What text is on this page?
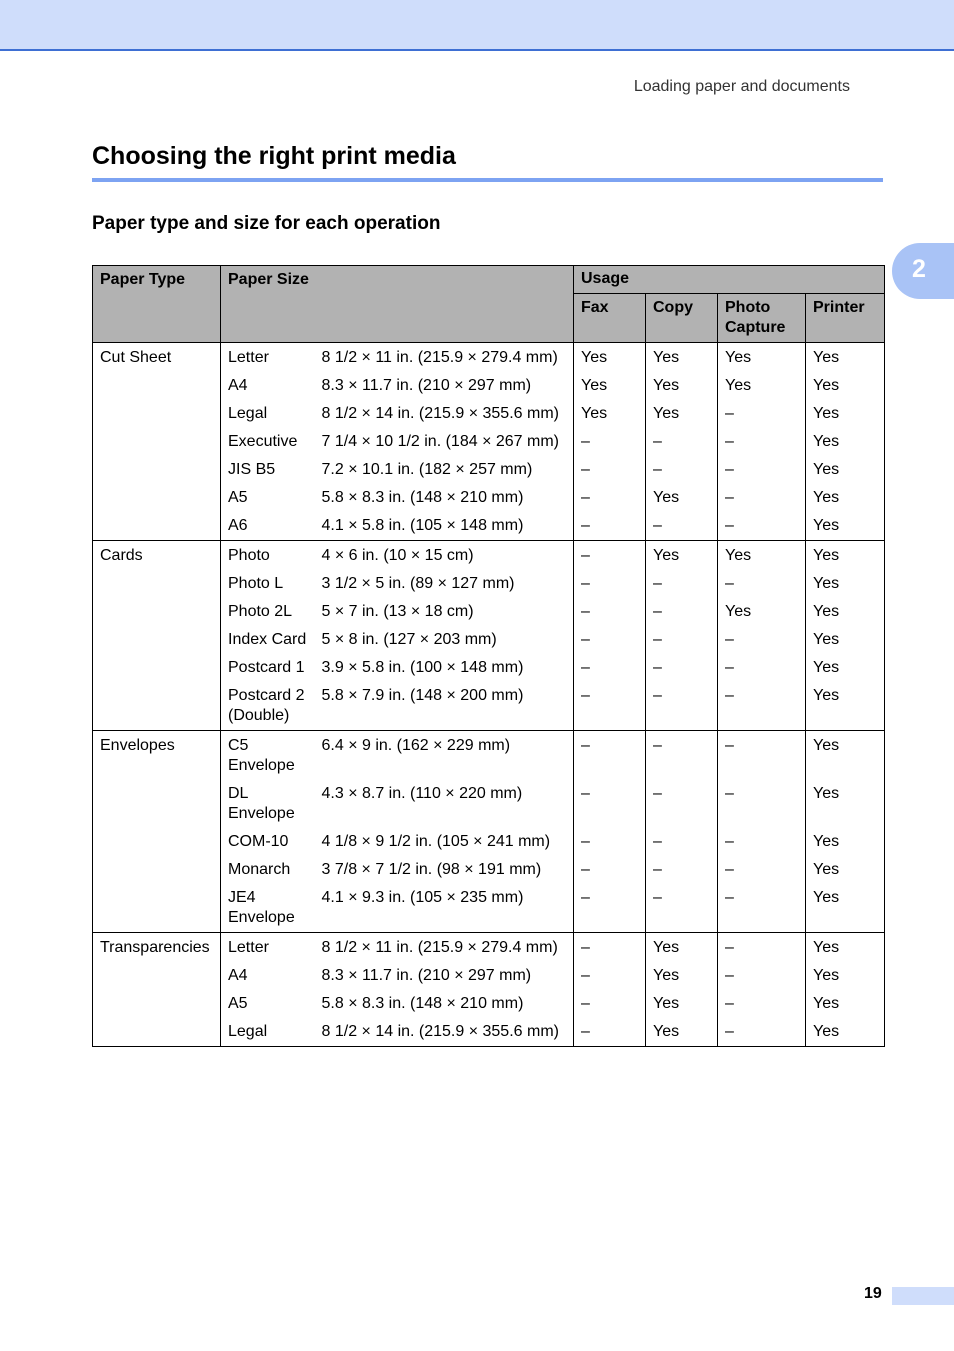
Loading paper and documents
Choosing the right print media
Paper type and size for each operation
2
Paper Type	Paper Size		Usage			
			Fax	Copy	Photo Capture	Printer
Cut Sheet	Letter	8 1/2 × 11 in. (215.9 × 279.4 mm)	Yes	Yes	Yes	Yes
	A4	8.3 × 11.7 in. (210 × 297 mm)	Yes	Yes	Yes	Yes
	Legal	8 1/2 × 14 in. (215.9 × 355.6 mm)	Yes	Yes	–	Yes
	Executive	7 1/4 × 10 1/2 in. (184 × 267 mm)	–	–	–	Yes
	JIS B5	7.2 × 10.1 in. (182 × 257 mm)	–	–	–	Yes
	A5	5.8 × 8.3 in. (148 × 210 mm)	–	Yes	–	Yes
	A6	4.1 × 5.8 in. (105 × 148 mm)	–	–	–	Yes
Cards	Photo	4 × 6 in. (10 × 15 cm)	–	Yes	Yes	Yes
	Photo L	3 1/2 × 5 in. (89 × 127 mm)	–	–	–	Yes
	Photo 2L	5 × 7 in. (13 × 18 cm)	–	–	Yes	Yes
	Index Card	5 × 8 in. (127 × 203 mm)	–	–	–	Yes
	Postcard 1	3.9 × 5.8 in. (100 × 148 mm)	–	–	–	Yes
	Postcard 2 (Double)	5.8 × 7.9 in. (148 × 200 mm)	–	–	–	Yes
Envelopes	C5 Envelope	6.4 × 9 in. (162 × 229 mm)	–	–	–	Yes
	DL Envelope	4.3 × 8.7 in. (110 × 220 mm)	–	–	–	Yes
	COM-10	4 1/8 × 9 1/2 in. (105 × 241 mm)	–	–	–	Yes
	Monarch	3 7/8 × 7 1/2 in. (98 × 191 mm)	–	–	–	Yes
	JE4 Envelope	4.1 × 9.3 in. (105 × 235 mm)	–	–	–	Yes
Transparencies	Letter	8 1/2 × 11 in. (215.9 × 279.4 mm)	–	Yes	–	Yes
	A4	8.3 × 11.7 in. (210 × 297 mm)	–	Yes	–	Yes
	A5	5.8 × 8.3 in. (148 × 210 mm)	–	Yes	–	Yes
	Legal	8 1/2 × 14 in. (215.9 × 355.6 mm)	–	Yes	–	Yes
19
